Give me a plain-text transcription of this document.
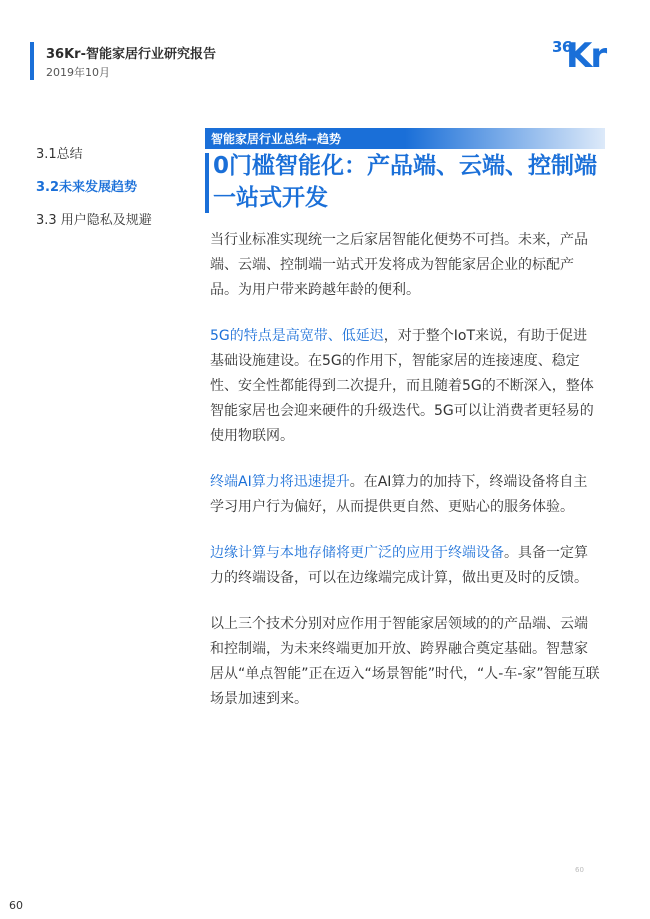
36Kr-智能家居行业研究报告
2019年10月
36
Kr
3.1总结
3.2未来发展趋势
3.3 用户隐私及规避
智能家居行业总结--趋势
0门槛智能化：产品端、云端、控制端一站式开发

当行业标准实现统一之后家居智能化便势不可挡。未来，产品端、云端、控制端一站式开发将成为智能家居企业的标配产品。为用户带来跨越年龄的便利。

5G的特点是高宽带、低延迟，对于整个IoT来说，有助于促进基础设施建设。在5G的作用下，智能家居的连接速度、稳定性、安全性都能得到二次提升，而且随着5G的不断深入，整体智能家居也会迎来硬件的升级迭代。5G可以让消费者更轻易的使用物联网。

终端AI算力将迅速提升。在AI算力的加持下，终端设备将自主学习用户行为偏好，从而提供更自然、更贴心的服务体验。

边缘计算与本地存储将更广泛的应用于终端设备。具备一定算力的终端设备，可以在边缘端完成计算，做出更及时的反馈。

以上三个技术分别对应作用于智能家居领域的的产品端、云端和控制端，为未来终端更加开放、跨界融合奠定基础。智慧家居从“单点智能”正在迈入“场景智能”时代，“人-车-家”智能互联场景加速到来。

60
60
